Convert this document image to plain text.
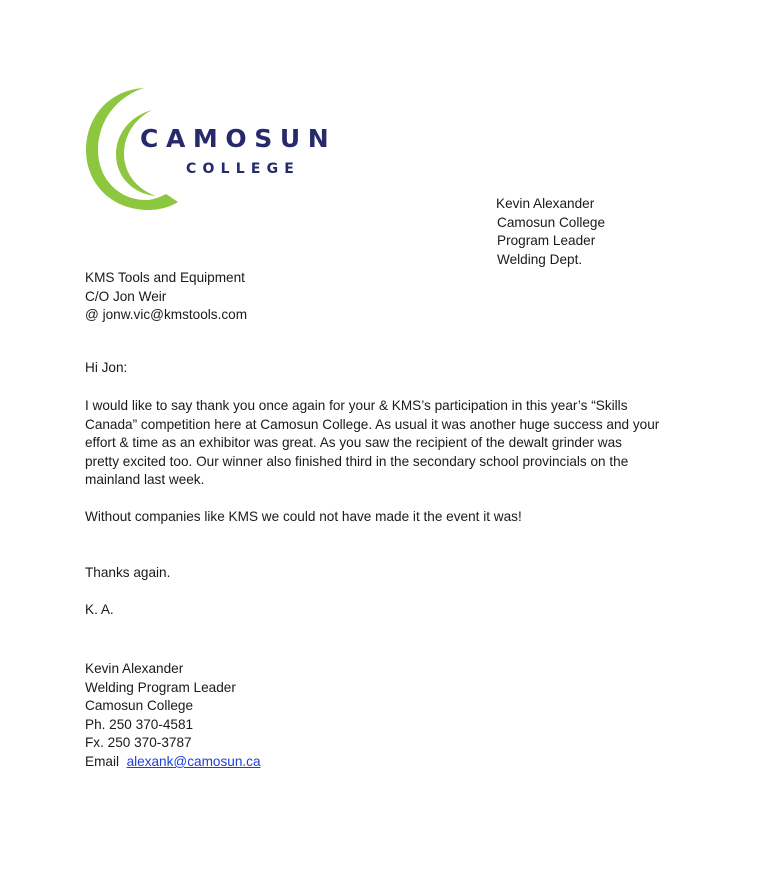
CAMOSUN
COLLEGE
Kevin Alexander
Camosun College
Program Leader
Welding Dept.
KMS Tools and Equipment
C/O Jon Weir
@ jonw.vic@kmstools.com
Hi Jon:
I would like to say thank you once again for your & KMS’s participation in this year’s “Skills
Canada” competition here at Camosun College. As usual it was another huge success and your
effort & time as an exhibitor was great. As you saw the recipient of the dewalt grinder was
pretty excited too. Our winner also finished third in the secondary school provincials on the
mainland last week.
Without companies like KMS we could not have made it the event it was!
Thanks again.
K. A.
Kevin Alexander
Welding Program Leader
Camosun College
Ph. 250 370-4581
Fx. 250 370-3787
Email alexank@camosun.ca
